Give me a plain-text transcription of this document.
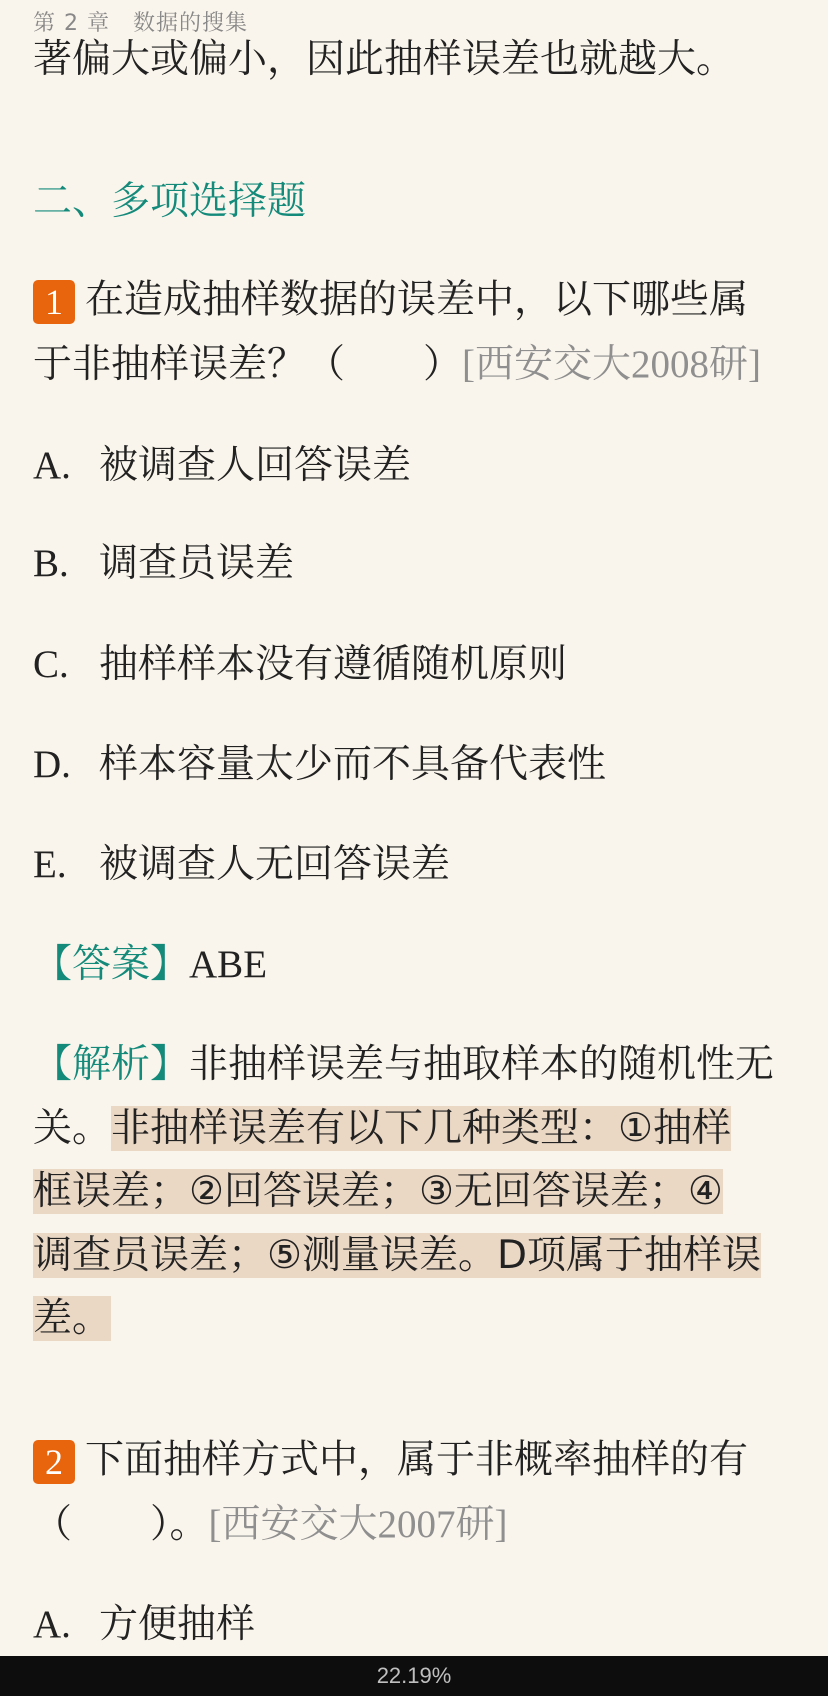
第 2 章　数据的搜集
著偏大或偏小，因此抽样误差也就越大。
二、多项选择题
1 在造成抽样数据的误差中，以下哪些属
于非抽样误差？（　　）[西安交大2008研]
A. 被调查人回答误差
B. 调查员误差
C. 抽样样本没有遵循随机原则
D. 样本容量太少而不具备代表性
E. 被调查人无回答误差
【答案】ABE
【解析】非抽样误差与抽取样本的随机性无
关。非抽样误差有以下几种类型：①抽样
框误差；②回答误差；③无回答误差；④
调查员误差；⑤测量误差。D项属于抽样误
差。
2 下面抽样方式中，属于非概率抽样的有
（　　）。[西安交大2007研]
A. 方便抽样
22.19%
